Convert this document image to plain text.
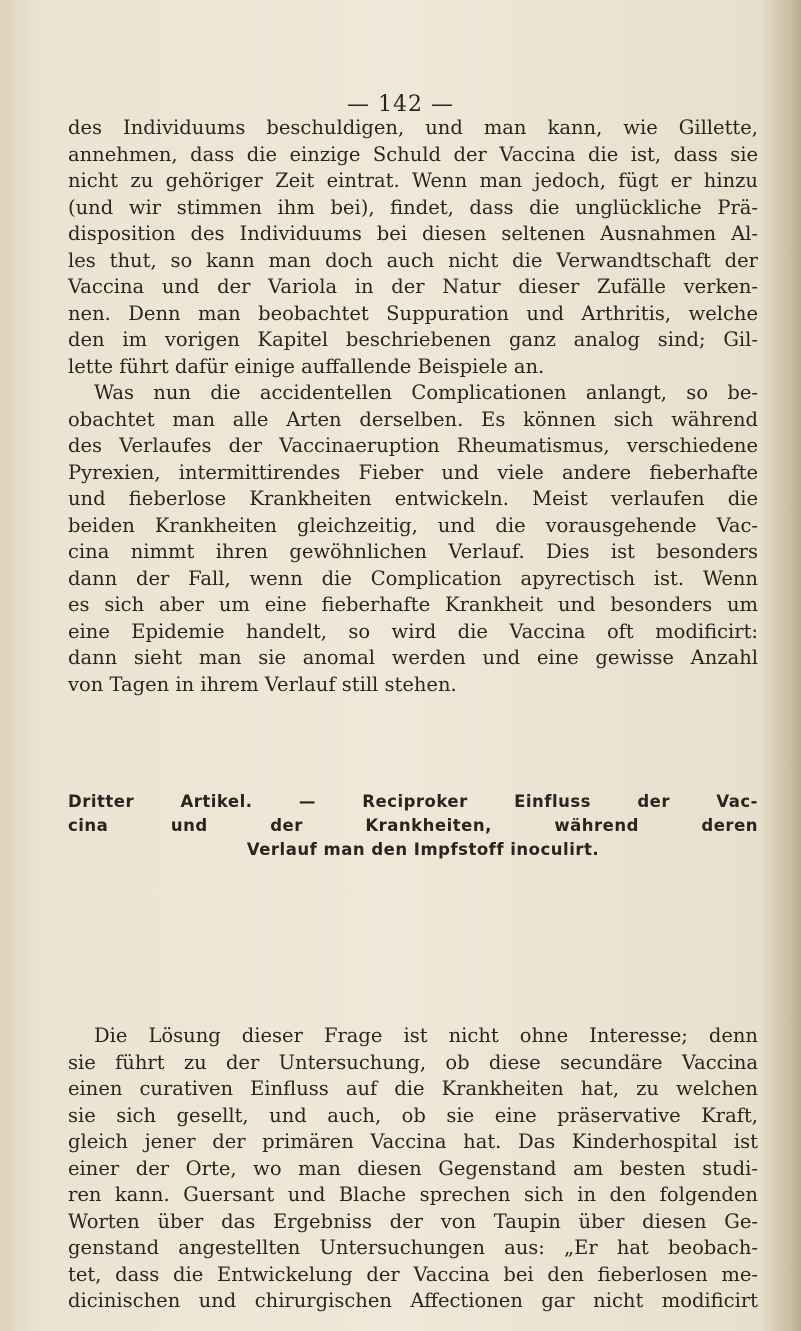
— 142 —
des Individuums beschuldigen, und man kann, wie Gillette,
annehmen, dass die einzige Schuld der Vaccina die ist, dass sie
nicht zu gehöriger Zeit eintrat. Wenn man jedoch, fügt er hinzu
(und wir stimmen ihm bei), findet, dass die unglückliche Prä-
disposition des Individuums bei diesen seltenen Ausnahmen Al-
les thut, so kann man doch auch nicht die Verwandtschaft der
Vaccina und der Variola in der Natur dieser Zufälle verken-
nen. Denn man beobachtet Suppuration und Arthritis, welche
den im vorigen Kapitel beschriebenen ganz analog sind; Gil-
lette führt dafür einige auffallende Beispiele an.
Was nun die accidentellen Complicationen anlangt, so be-
obachtet man alle Arten derselben. Es können sich während
des Verlaufes der Vaccinaeruption Rheumatismus, verschiedene
Pyrexien, intermittirendes Fieber und viele andere fieberhafte
und fieberlose Krankheiten entwickeln. Meist verlaufen die
beiden Krankheiten gleichzeitig, und die vorausgehende Vac-
cina nimmt ihren gewöhnlichen Verlauf. Dies ist besonders
dann der Fall, wenn die Complication apyrectisch ist. Wenn
es sich aber um eine fieberhafte Krankheit und besonders um
eine Epidemie handelt, so wird die Vaccina oft modificirt:
dann sieht man sie anomal werden und eine gewisse Anzahl
von Tagen in ihrem Verlauf still stehen.
Dritter Artikel. — Reciproker Einfluss der Vac-
cina und der Krankheiten, während deren
Verlauf man den Impfstoff inoculirt.
Die Lösung dieser Frage ist nicht ohne Interesse; denn
sie führt zu der Untersuchung, ob diese secundäre Vaccina
einen curativen Einfluss auf die Krankheiten hat, zu welchen
sie sich gesellt, und auch, ob sie eine präservative Kraft,
gleich jener der primären Vaccina hat. Das Kinderhospital ist
einer der Orte, wo man diesen Gegenstand am besten studi-
ren kann. Guersant und Blache sprechen sich in den folgenden
Worten über das Ergebniss der von Taupin über diesen Ge-
genstand angestellten Untersuchungen aus: „Er hat beobach-
tet, dass die Entwickelung der Vaccina bei den fieberlosen me-
dicinischen und chirurgischen Affectionen gar nicht modificirt
